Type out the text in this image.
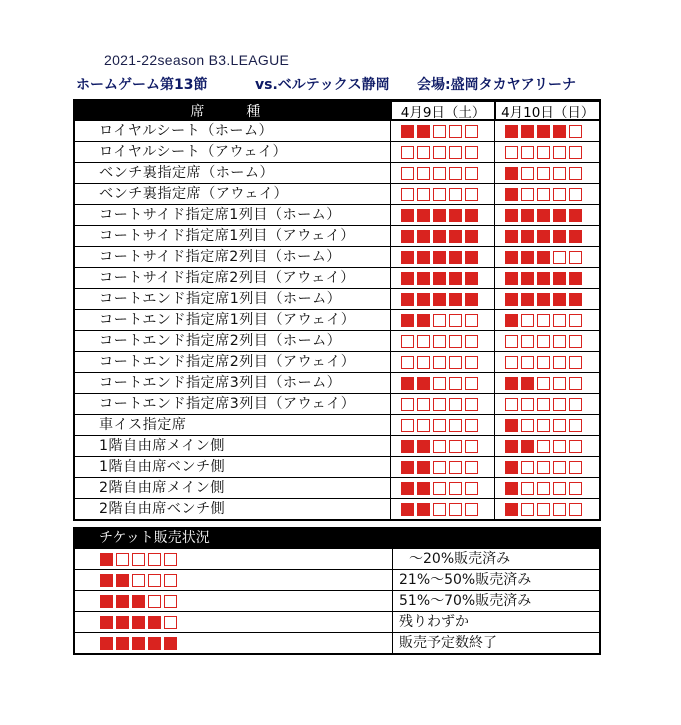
2021-22season B3.LEAGUE
ホームゲーム第13節	vs.ベルテックス静岡 会場:盛岡タカヤアリーナ
席　種	4月9日（土）	4月10日（日）
ロイヤルシート（ホーム）
ロイヤルシート（アウェイ）
ベンチ裏指定席（ホーム）
ベンチ裏指定席（アウェイ）
コートサイド指定席1列目（ホーム）
コートサイド指定席1列目（アウェイ）
コートサイド指定席2列目（ホーム）
コートサイド指定席2列目（アウェイ）
コートエンド指定席1列目（ホーム）
コートエンド指定席1列目（アウェイ）
コートエンド指定席2列目（ホーム）
コートエンド指定席2列目（アウェイ）
コートエンド指定席3列目（ホーム）
コートエンド指定席3列目（アウェイ）
車イス指定席
1階自由席メイン側
1階自由席ベンチ側
2階自由席メイン側
2階自由席ベンチ側
チケット販売状況
～20%販売済み
21%～50%販売済み
51%～70%販売済み
残りわずか
販売予定数終了
